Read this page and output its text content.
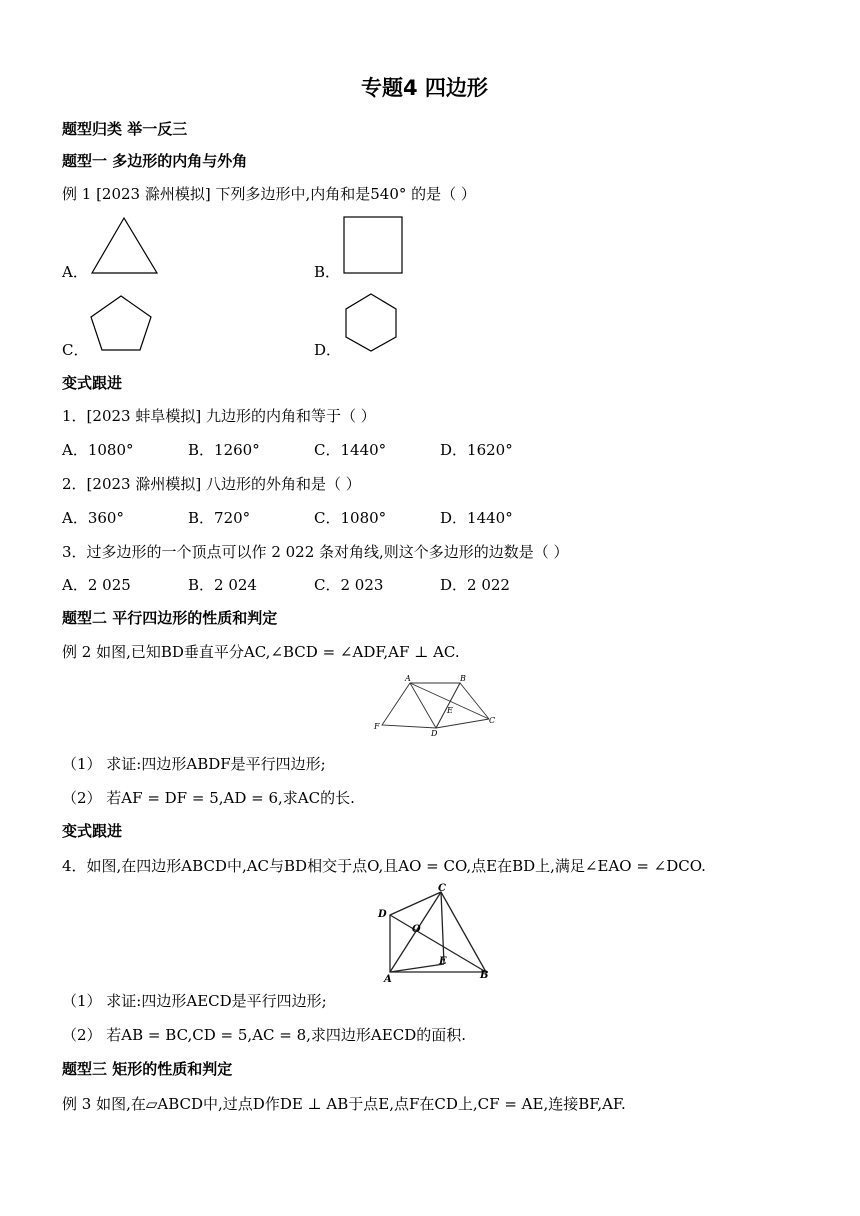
专题4 四边形
题型归类 举一反三
题型一 多边形的内角与外角
例 1 [2023 滁州模拟] 下列多边形中,内角和是540° 的是（ ）
A．	B．
C．	D．
变式跟进
1．[2023 蚌阜模拟] 九边形的内角和等于（ ）
A．1080°	B．1260°	C．1440°	D．1620°
2．[2023 滁州模拟] 八边形的外角和是（ ）
A．360°	B．720°	C．1080°	D．1440°
3．过多边形的一个顶点可以作 2 022 条对角线,则这个多边形的边数是（ ）
A．2 025	B．2 024	C．2 023	D．2 022
题型二 平行四边形的性质和判定
例 2 如图,已知BD垂直平分AC,∠BCD = ∠ADF,AF ⊥ AC.
A	B
C
D
E
F
（1） 求证:四边形ABDF是平行四边形;
（2） 若AF = DF = 5,AD = 6,求AC的长.
变式跟进
4．如图,在四边形ABCD中,AC与BD相交于点O,且AO = CO,点E在BD上,满足∠EAO = ∠DCO.
A	B
C
D
E
O
（1） 求证:四边形AECD是平行四边形;
（2） 若AB = BC,CD = 5,AC = 8,求四边形AECD的面积.
题型三 矩形的性质和判定
例 3 如图,在▱ABCD中,过点D作DE ⊥ AB于点E,点F在CD上,CF = AE,连接BF,AF.
